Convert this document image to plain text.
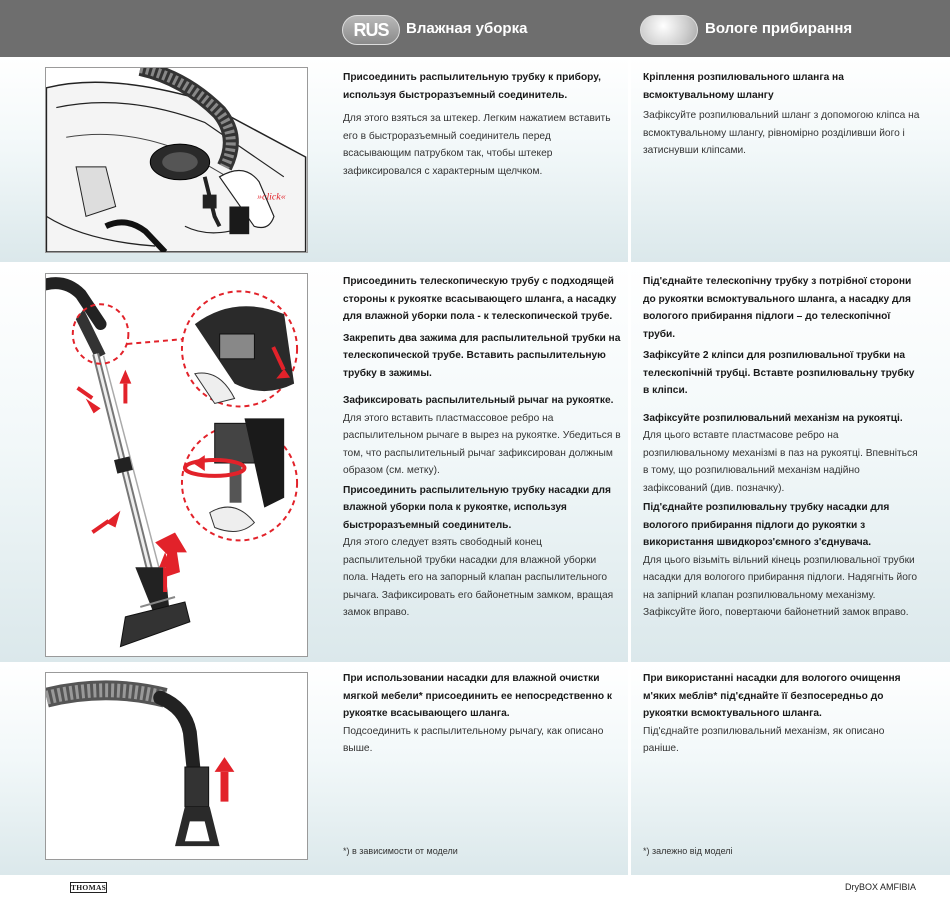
RUS Влажная уборка	Вологе прибирання
»click«

Присоединить распылительную трубку к прибору, используя быстроразъемный соединитель.

Для этого взяться за штекер. Легким нажатием вставить его в быстроразъемный соединитель перед всасывающим патрубком так, чтобы штекер зафиксировался с характерным щелчком.

Кріплення розпилювального шланга на всмоктувальному шлангу

Зафіксуйте розпилювальний шланг з допомогою кліпса на всмоктувальному шлангу, рівномірно розділивши його і затиснувши кліпсами.

Присоединить телескопическую трубу с подходящей стороны к рукоятке всасывающего шланга, а насадку для влажной уборки пола - к телескопической трубе.

Закрепить два зажима для распылительной трубки на телескопической трубе. Вставить распылительную трубку в зажимы.

Зафиксировать распылительный рычаг на рукоятке.

Для этого вставить пластмассовое ребро на распылительном рычаге в вырез на рукоятке. Убедиться в том, что распылительный рычаг зафиксирован должным образом (см. метку).

Присоединить распылительную трубку насадки для влажной уборки пола к рукоятке, используя быстроразъемный соединитель.

Для этого следует взять свободный конец распылительной трубки насадки для влажной уборки пола. Надеть его на запорный клапан распылительного рычага. Зафиксировать его байонетным замком, вращая замок вправо.

Під'єднайте телескопічну трубку з потрібної сторони до рукоятки всмоктувального шланга, а насадку для вологого прибирання підлоги – до телескопічної труби.

Зафіксуйте 2 кліпси для розпилювальної трубки на телескопічній трубці. Вставте розпилювальну трубку в кліпси.

Зафіксуйте розпилювальний механізм на рукоятці.

Для цього вставте пластмасове ребро на розпилювальному механізмі в паз на рукоятці. Впевніться в тому, що розпилювальний механізм надійно зафіксований (див. позначку).

Під'єднайте розпилювальну трубку насадки для вологого прибирання підлоги до рукоятки з використання швидкороз'ємного з'єднувача.

Для цього візьміть вільний кінець розпилювальної трубки насадки для вологого прибирання підлоги. Надягніть його на запірний клапан розпилювальному механізму. Зафіксуйте його, повертаючи байонетний замок вправо.

При использовании насадки для влажной очистки мягкой мебели* присоединить ее непосредственно к рукоятке всасывающего шланга.

Подсоединить к распылительному рычагу, как описано выше.

При використанні насадки для вологого очищення м'яких меблів* під'єднайте її безпосередньо до рукоятки всмоктувального шланга.

Під'єднайте розпилювальний механізм, як описано раніше.

*) в зависимости от модели	*) залежно від моделі
THOMAS	DryBOX AMFIBIA
